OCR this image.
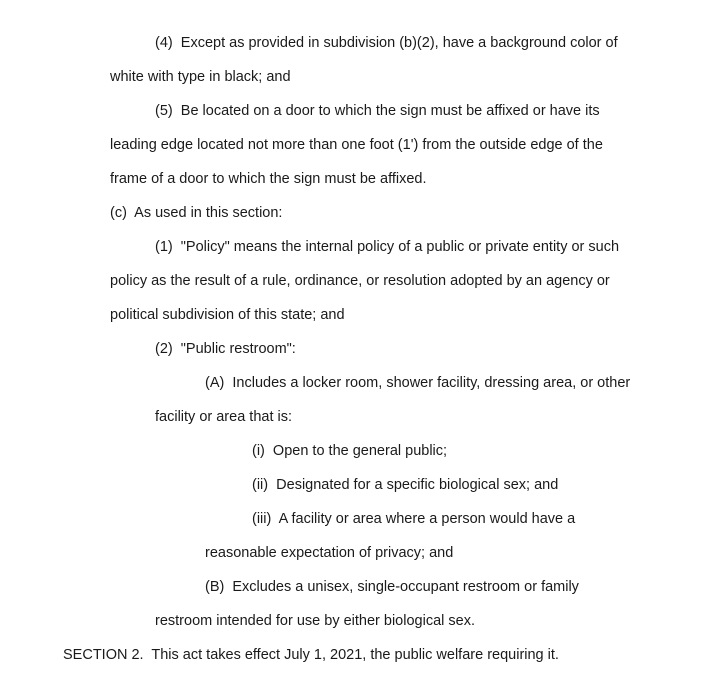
(4)  Except as provided in subdivision (b)(2), have a background color of
white with type in black; and
(5)  Be located on a door to which the sign must be affixed or have its
leading edge located not more than one foot (1') from the outside edge of the
frame of a door to which the sign must be affixed.
(c)  As used in this section:
(1)  "Policy" means the internal policy of a public or private entity or such
policy as the result of a rule, ordinance, or resolution adopted by an agency or
political subdivision of this state; and
(2)  "Public restroom":
(A)  Includes a locker room, shower facility, dressing area, or other
facility or area that is:
(i)  Open to the general public;
(ii)  Designated for a specific biological sex; and
(iii)  A facility or area where a person would have a
reasonable expectation of privacy; and
(B)  Excludes a unisex, single-occupant restroom or family
restroom intended for use by either biological sex.
SECTION 2.  This act takes effect July 1, 2021, the public welfare requiring it.
